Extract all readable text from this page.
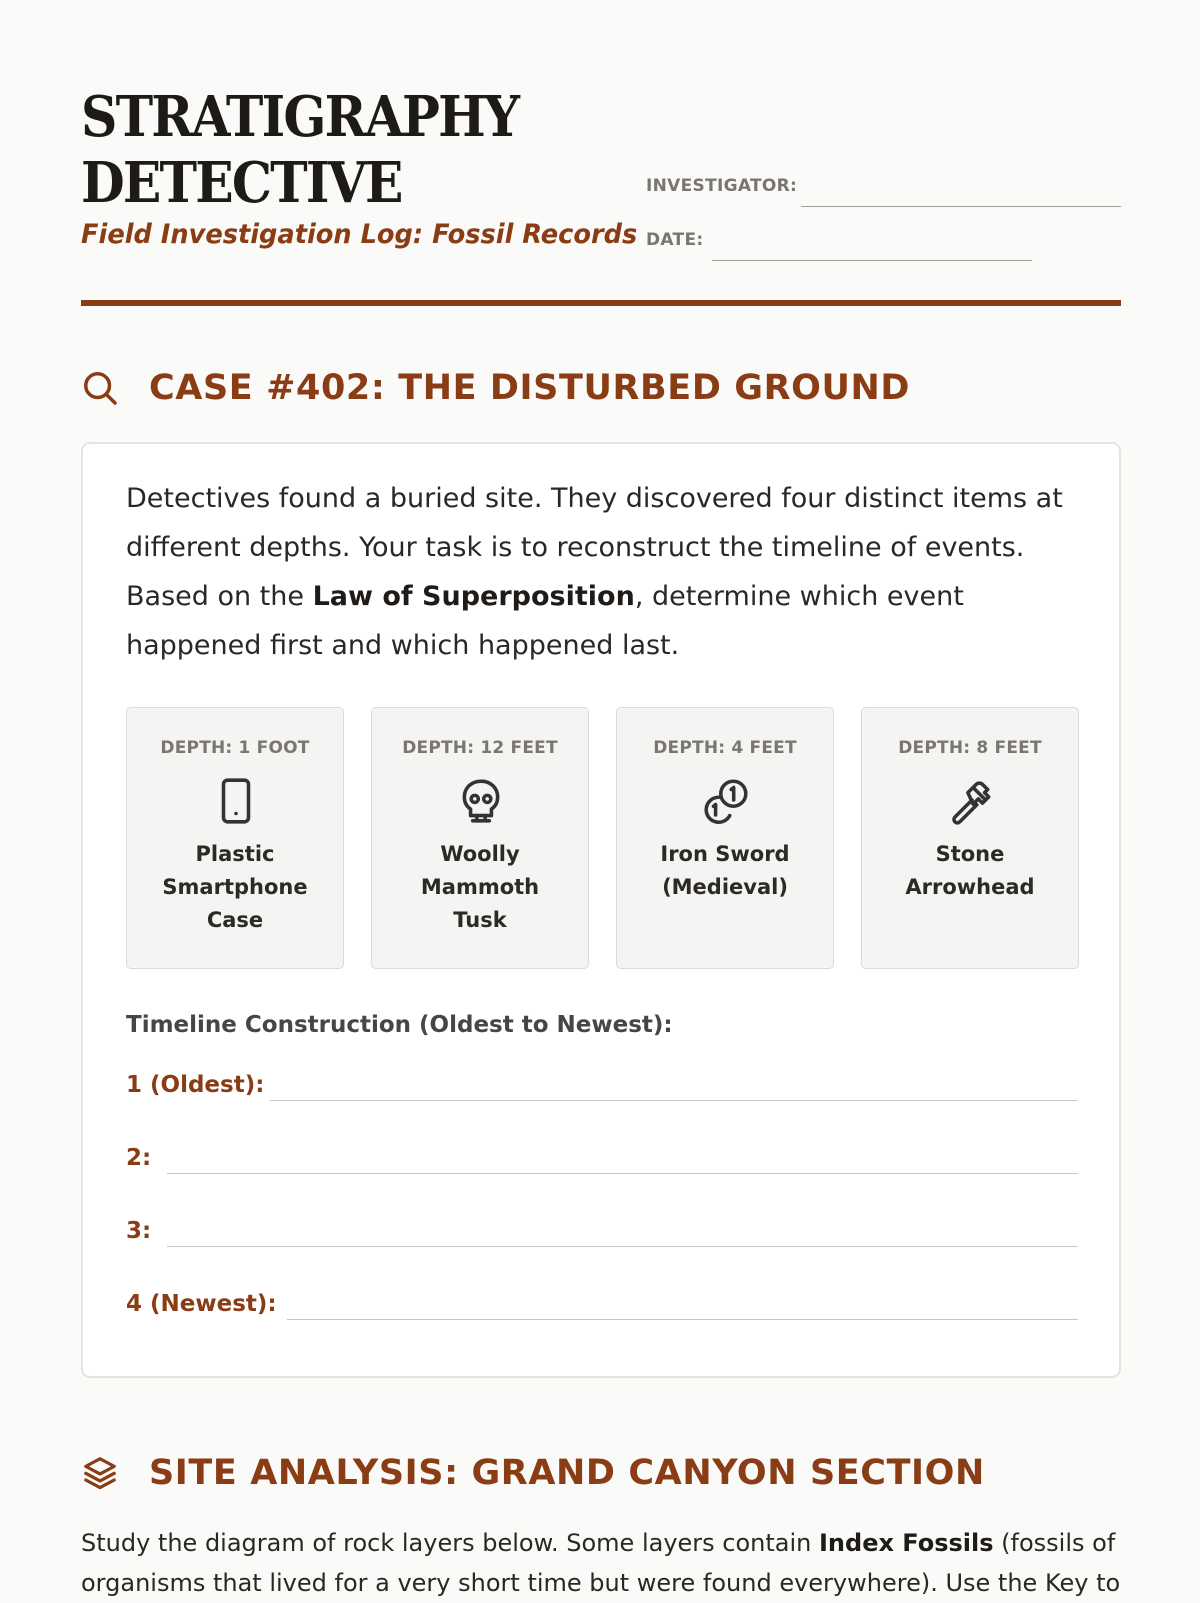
STRATIGRAPHY
DETECTIVE
Field Investigation Log: Fossil Records
INVESTIGATOR:
DATE:
CASE #402: THE DISTURBED GROUND

Detectives found a buried site. They discovered four distinct items at different depths. Your task is to reconstruct the timeline of events. Based on the Law of Superposition, determine which event happened first and which happened last.

DEPTH: 1 FOOT
Plastic
Smartphone
Case
DEPTH: 12 FEET
Woolly
Mammoth
Tusk
DEPTH: 4 FEET
Iron Sword
(Medieval)
DEPTH: 8 FEET
Stone
Arrowhead
Timeline Construction (Oldest to Newest):
1 (Oldest):
2:
3:
4 (Newest):
SITE ANALYSIS: GRAND CANYON SECTION

Study the diagram of rock layers below. Some layers contain Index Fossils (fossils of organisms that lived for a very short time but were found everywhere). Use the Key to
